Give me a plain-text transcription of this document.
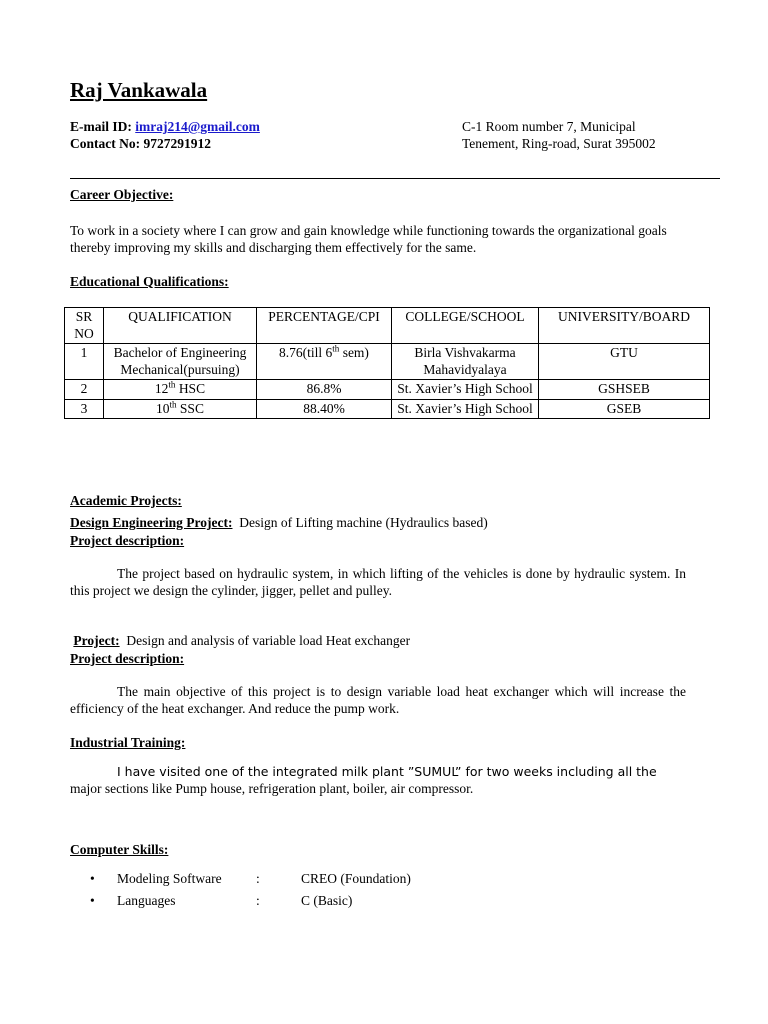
Raj Vankawala
E-mail ID: imraj214@gmail.com
Contact No: 9727291912
C-1 Room number 7, Municipal
Tenement, Ring-road, Surat 395002

Career Objective:

To work in a society where I can grow and gain knowledge while functioning towards the organizational goals thereby improving my skills and discharging them effectively for the same.

Educational Qualifications:

SR NO	QUALIFICATION	PERCENTAGE/CPI	COLLEGE/SCHOOL	UNIVERSITY/BOARD
1	Bachelor of Engineering Mechanical(pursuing)	8.76(till 6th sem)	Birla Vishvakarma Mahavidyalaya	GTU
2	12th HSC	86.8%	St. Xavier’s High School	GSHSEB
3	10th SSC	88.40%	St. Xavier’s High School	GSEB

Academic Projects:

Design Engineering Project:  Design of Lifting machine (Hydraulics based)

Project description:

The project based on hydraulic system, in which lifting of the vehicles is done by hydraulic system. In this project we design the cylinder, jigger, pellet and pulley.

Project:  Design and analysis of variable load Heat exchanger

Project description:

The main objective of this project is to design variable load heat exchanger which will increase the efficiency of the heat exchanger. And reduce the pump work.

Industrial Training:

I have visited one of the integrated milk plant ”SUMUL” for two weeks including all the

major sections like Pump house, refrigeration plant, boiler, air compressor.

Computer Skills:

• Modeling Software	:	CREO (Foundation)
• Languages	:	C (Basic)
